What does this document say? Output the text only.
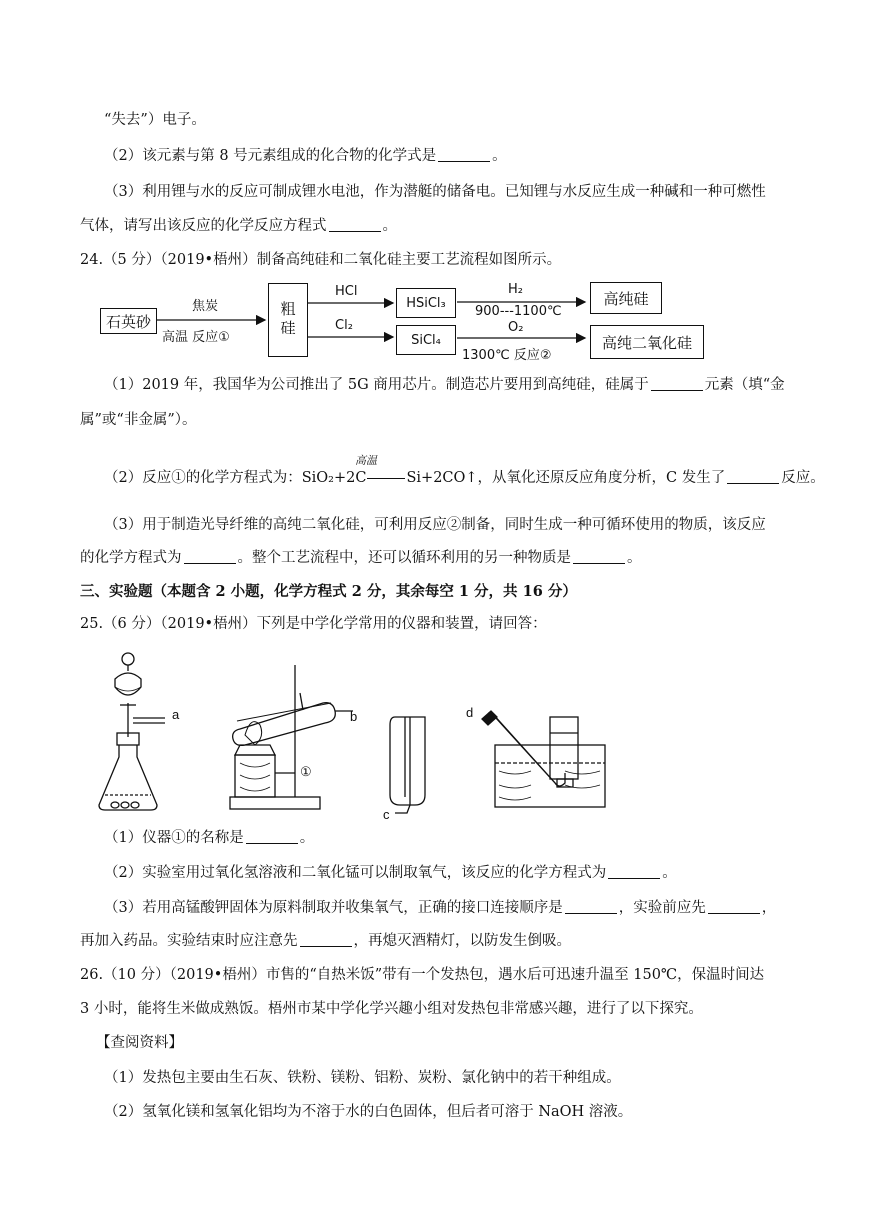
“失去”）电子。
（2）该元素与第 8 号元素组成的化合物的化学式是	。
（3）利用锂与水的反应可制成锂水电池，作为潜艇的储备电。已知锂与水反应生成一种碱和一种可燃性
气体，请写出该反应的化学反应方程式	。
24.（5 分）（2019•梧州）制备高纯硅和二氧化硅主要工艺流程如图所示。
石英砂
焦炭
高温 反应①	粗硅
HCl
Cl₂
HSiCl₃
SiCl₄
H₂
900---1100℃
O₂
1300℃ 反应②
高纯硅
高纯二氧化硅
（1）2019 年，我国华为公司推出了 5G 商用芯片。制造芯片要用到高纯硅，硅属于	元素（填“金
属”或“非金属”）。
高温
（2）反应①的化学方程式为：SiO₂+2C	Si+2CO↑，从氧化还原反应角度分析，C 发生了	反应。
（3）用于制造光导纤维的高纯二氧化硅，可利用反应②制备，同时生成一种可循环使用的物质，该反应
的化学方程式为	。整个工艺流程中，还可以循环利用的另一种物质是	。
三、实验题（本题含 2 小题，化学方程式 2 分，其余每空 1 分，共 16 分）
25.（6 分）（2019•梧州）下列是中学化学常用的仪器和装置，请回答：
a	b
①
c
d
（1）仪器①的名称是	。
（2）实验室用过氧化氢溶液和二氧化锰可以制取氧气，该反应的化学方程式为	。
（3）若用高锰酸钾固体为原料制取并收集氧气，正确的接口连接顺序是	，实验前应先	，
再加入药品。实验结束时应注意先	，再熄灭酒精灯，以防发生倒吸。
26.（10 分）（2019•梧州）市售的“自热米饭”带有一个发热包，遇水后可迅速升温至 150℃，保温时间达
3 小时，能将生米做成熟饭。梧州市某中学化学兴趣小组对发热包非常感兴趣，进行了以下探究。
【查阅资料】
（1）发热包主要由生石灰、铁粉、镁粉、铝粉、炭粉、氯化钠中的若干种组成。
（2）氢氧化镁和氢氧化铝均为不溶于水的白色固体，但后者可溶于 NaOH 溶液。
